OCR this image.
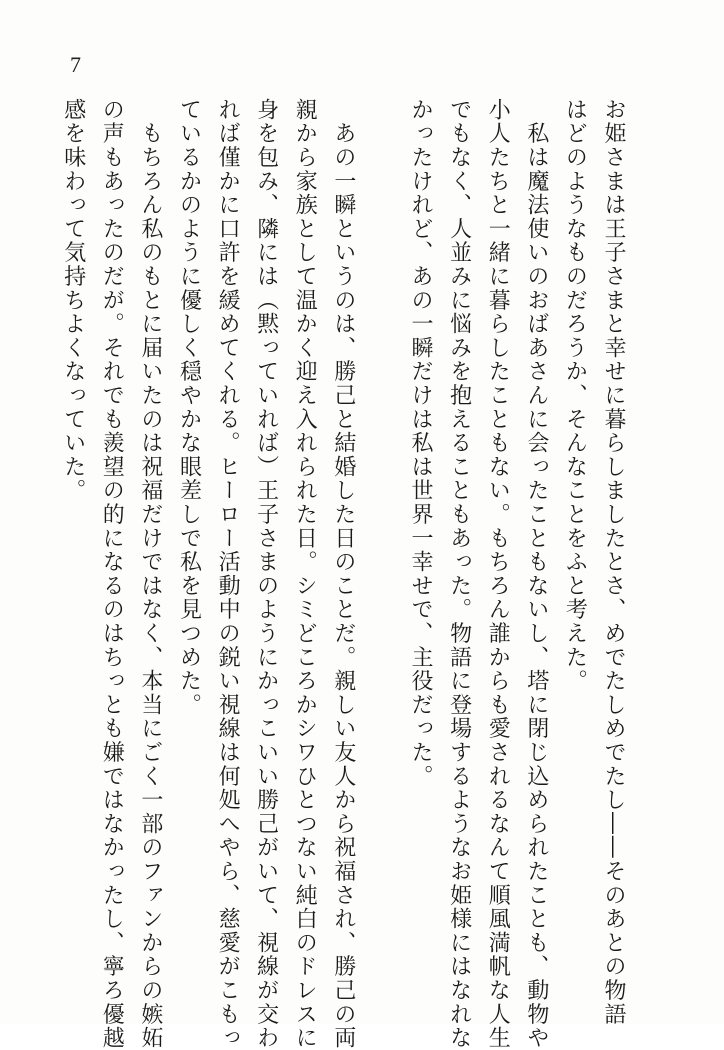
7

お姫さまは王子さまと幸せに暮らしましたとさ、めでたしめでたし――そのあとの物語
はどのようなものだろうか、そんなことをふと考えた。

　私は魔法使いのおばあさんに会ったこともないし、塔に閉じ込められたことも、動物や
小人たちと一緒に暮らしたこともない。もちろん誰からも愛されるなんて順風満帆な人生
でもなく、人並みに悩みを抱えることもあった。物語に登場するようなお姫様にはなれな
かったけれど、あの一瞬だけは私は世界一幸せで、主役だった。

　あの一瞬というのは、勝己と結婚した日のことだ。親しい友人から祝福され、勝己の両
親から家族として温かく迎え入れられた日。シミどころかシワひとつない純白のドレスに
身を包み、隣には（黙っていれば）王子さまのようにかっこいい勝己がいて、視線が交わ
れば僅かに口許を緩めてくれる。ヒーロー活動中の鋭い視線は何処へやら、慈愛がこもっ
ているかのように優しく穏やかな眼差しで私を見つめた。

　もちろん私のもとに届いたのは祝福だけではなく、本当にごく一部のファンからの嫉妬
の声もあったのだが。それでも羨望の的になるのはちっとも嫌ではなかったし、寧ろ優越
感を味わって気持ちよくなっていた。
